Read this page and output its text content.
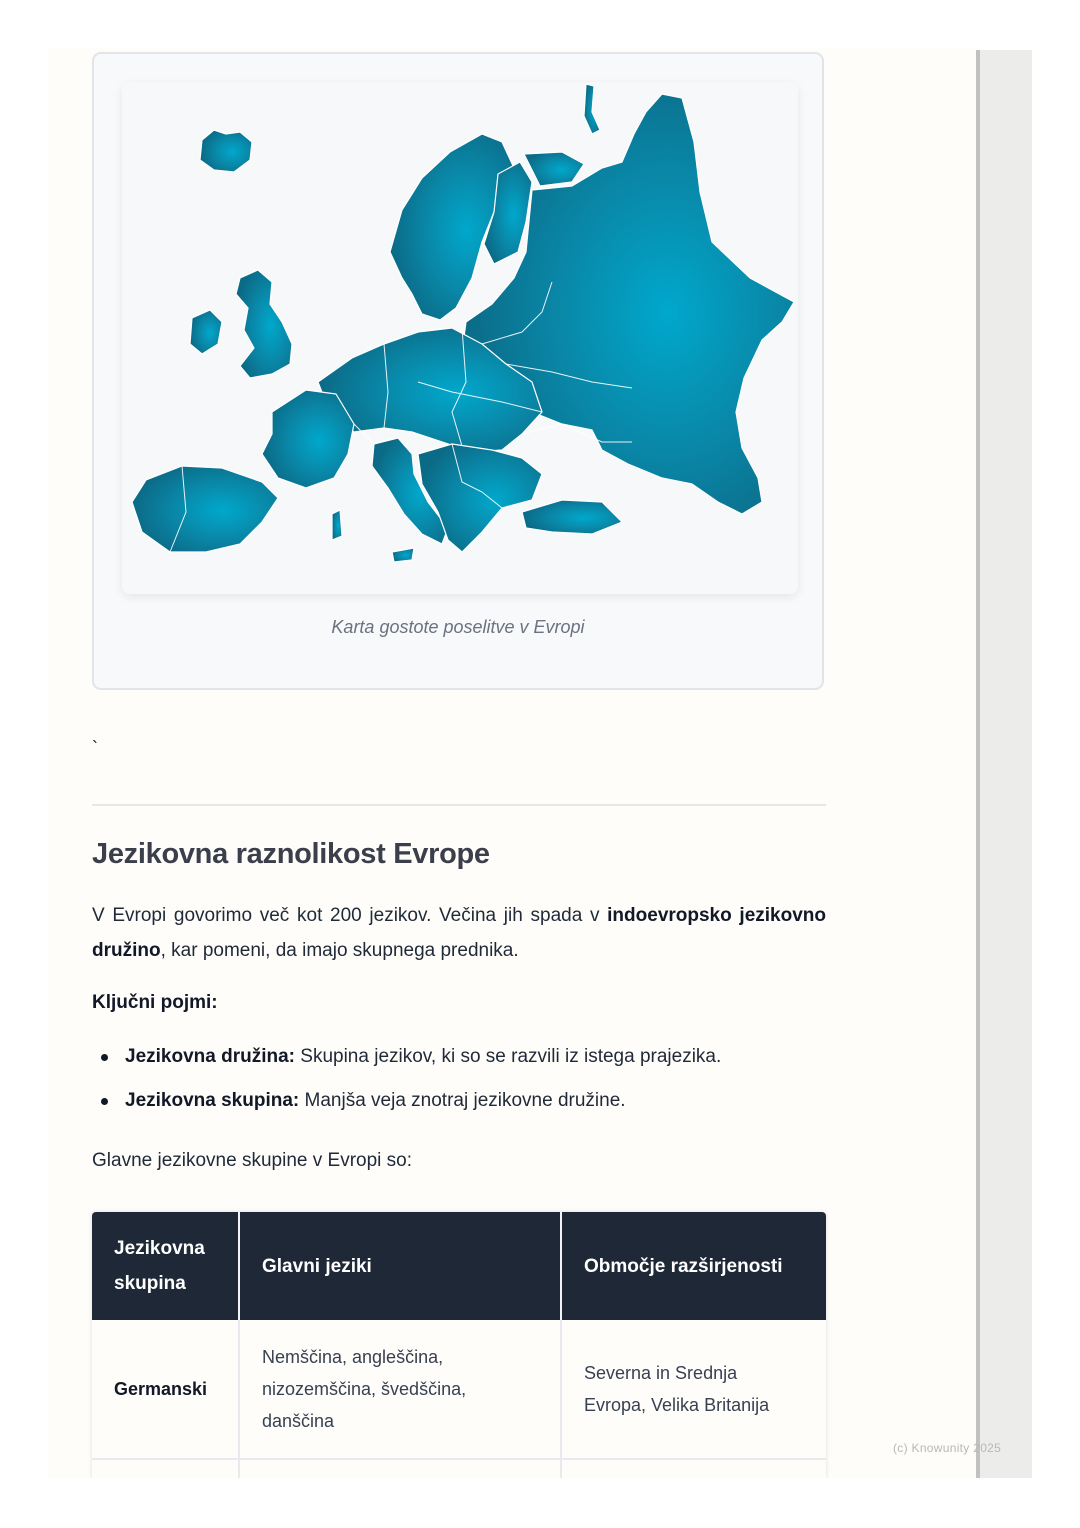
Karta gostote poselitve v Evropi
`
Jezikovna raznolikost Evrope
V Evropi govorimo več kot 200 jezikov. Večina jih spada v indoevropsko jezikovno družino, kar pomeni, da imajo skupnega prednika.
Ključni pojmi:
Jezikovna družina: Skupina jezikov, ki so se razvili iz istega prajezika.
Jezikovna skupina: Manjša veja znotraj jezikovne družine.
Glavne jezikovne skupine v Evropi so:
Jezikovna skupina	Glavni jeziki	Območje razširjenosti
Germanski	Nemščina, angleščina, nizozemščina, švedščina, danščina	Severna in Srednja Evropa, Velika Britanija

(c) Knowunity 2025
